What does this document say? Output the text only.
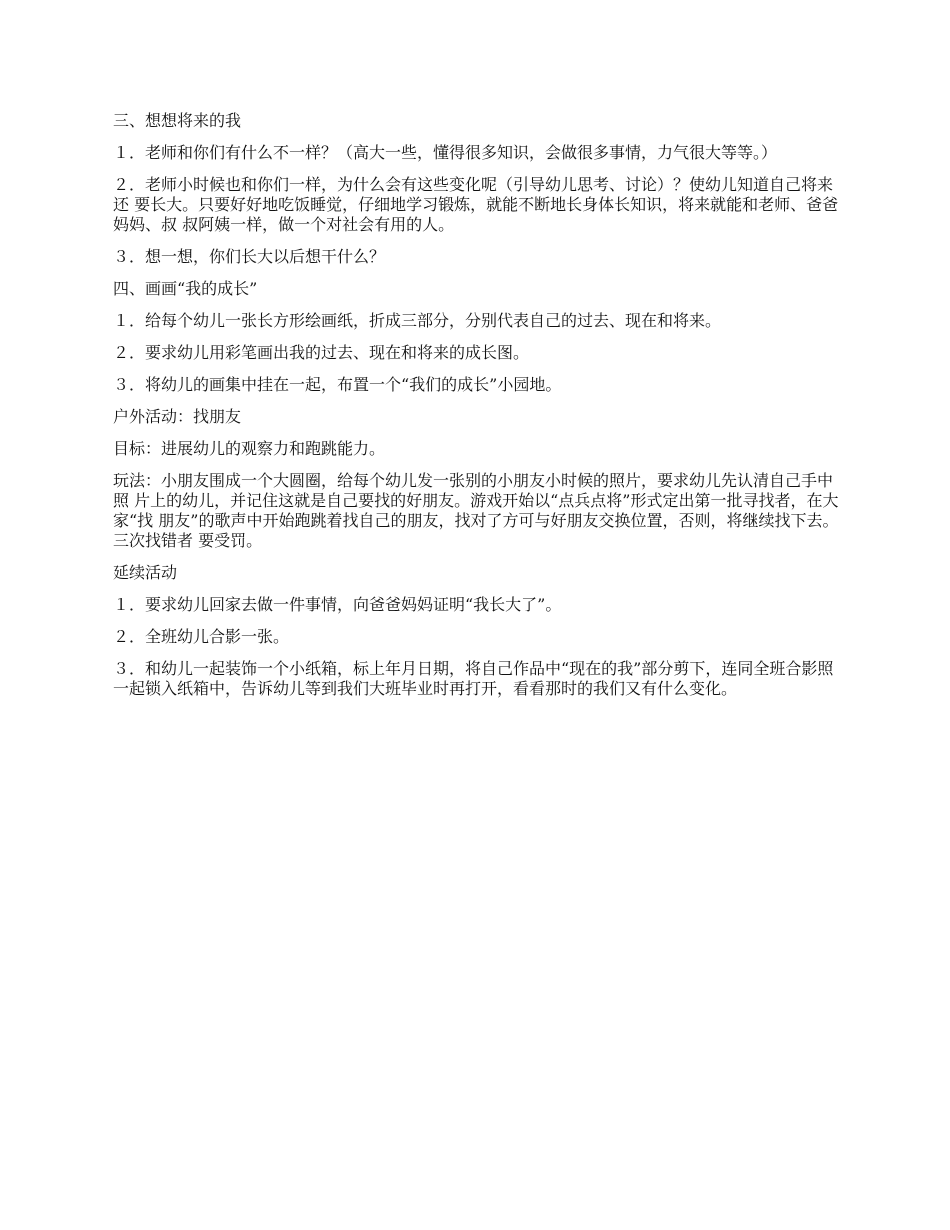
三、想想将来的我

１．老师和你们有什么不一样？（高大一些，懂得很多知识，会做很多事情，力气很大等等。）

２．老师小时候也和你们一样，为什么会有这些变化呢（引导幼儿思考、讨论）？使幼儿知道自己将来还 要长大。只要好好地吃饭睡觉，仔细地学习锻炼，就能不断地长身体长知识，将来就能和老师、爸爸妈妈、叔 叔阿姨一样，做一个对社会有用的人。

３．想一想，你们长大以后想干什么？

四、画画“我的成长”

１．给每个幼儿一张长方形绘画纸，折成三部分，分别代表自己的过去、现在和将来。

２．要求幼儿用彩笔画出我的过去、现在和将来的成长图。

３．将幼儿的画集中挂在一起，布置一个“我们的成长”小园地。

户外活动：找朋友

目标：进展幼儿的观察力和跑跳能力。

玩法：小朋友围成一个大圆圈，给每个幼儿发一张别的小朋友小时候的照片，要求幼儿先认清自己手中照 片上的幼儿，并记住这就是自己要找的好朋友。游戏开始以“点兵点将”形式定出第一批寻找者，在大家“找 朋友”的歌声中开始跑跳着找自己的朋友，找对了方可与好朋友交换位置，否则，将继续找下去。三次找错者 要受罚。

延续活动

１．要求幼儿回家去做一件事情，向爸爸妈妈证明“我长大了”。

２．全班幼儿合影一张。

３．和幼儿一起装饰一个小纸箱，标上年月日期，将自己作品中“现在的我”部分剪下，连同全班合影照 一起锁入纸箱中，告诉幼儿等到我们大班毕业时再打开，看看那时的我们又有什么变化。
